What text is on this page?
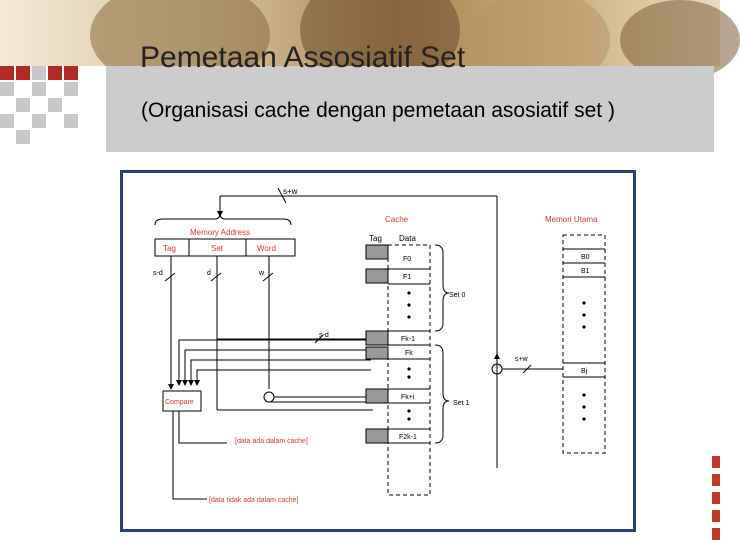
Pemetaan Assosiatif Set
(Organisasi cache dengan pemetaan asosiatif set )
s+w
Memory Address
Tag	Set	Word
s-d	d	w
Compare
Cache
Tag Data
F0
F1
Fk-1
Fk
Fk+i
F2k-1
Set 0
Set 1
Memori Utama
B0
B1
Bj
s-d
s+w
[data ada dalam cache]
[data tidak ada dalam cache]
